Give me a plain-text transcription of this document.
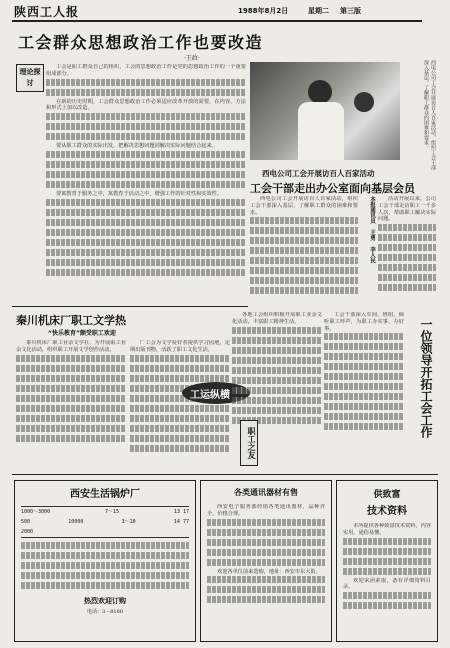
陕西工人报	1988年8月2日	星期二 第三版
工会群众思想政治工作也要改造
·王政·
理论探讨

工会是职工群众自己的组织，工会的思想政治工作是党的思想政治工作的一个重要组成部分。

在新的历史时期，工会群众思想政治工作必须适应改革开放的需要，在内容、方法和形式上加以改造。

要从职工群众的实际出发，把解决思想问题同解决实际问题结合起来。

要寓教育于服务之中，寓教育于活动之中，增强工作的针对性和实效性。

西电公司工会开展访百人百家活动，组织工会干部深入基层，了解职工群众的困难和要求。
西电公司工会开展访百人百家活动
工会干部走出办公室面向基层会员

西电公司工会开展访百人百家活动，组织工会干部深入基层，了解职工群众的困难和要求。	本报通讯员 王勇 李人民	活动开展以来，公司工会干部走访职工一千多人次，帮助职工解决实际问题。

秦川机床厂职工文学热
“快乐教育”颇受职工欢迎

秦川机床厂职工业余文学社，为开展职工业余文化活动，组织职工开展文学创作活动。

厂工会为文学爱好者提供学习园地，定期出版刊物，活跃了职工文化生活。

工运纵横

各地工会组织积极开展职工业余文化活动，丰富职工精神生活。

工会干部深入车间、班组，倾听职工呼声，为职工办实事、办好事。

职工之友
一位领导开拓工会工作
西安生活锅炉厂
1000～3000	7～15	13 17
500	10000	3～10	14 77
2000
热烈欢迎订购
电话：3－8160
各类通讯器材有售

西安电子服务部经销各类通讯器材，品种齐全，价格合理。

欢迎各单位前来选购，地址：西安市东大街。

供致富
技术资料

本所提供各种致富技术资料，内容实用，通俗易懂。

欢迎来函索取，备有详细资料目录。
